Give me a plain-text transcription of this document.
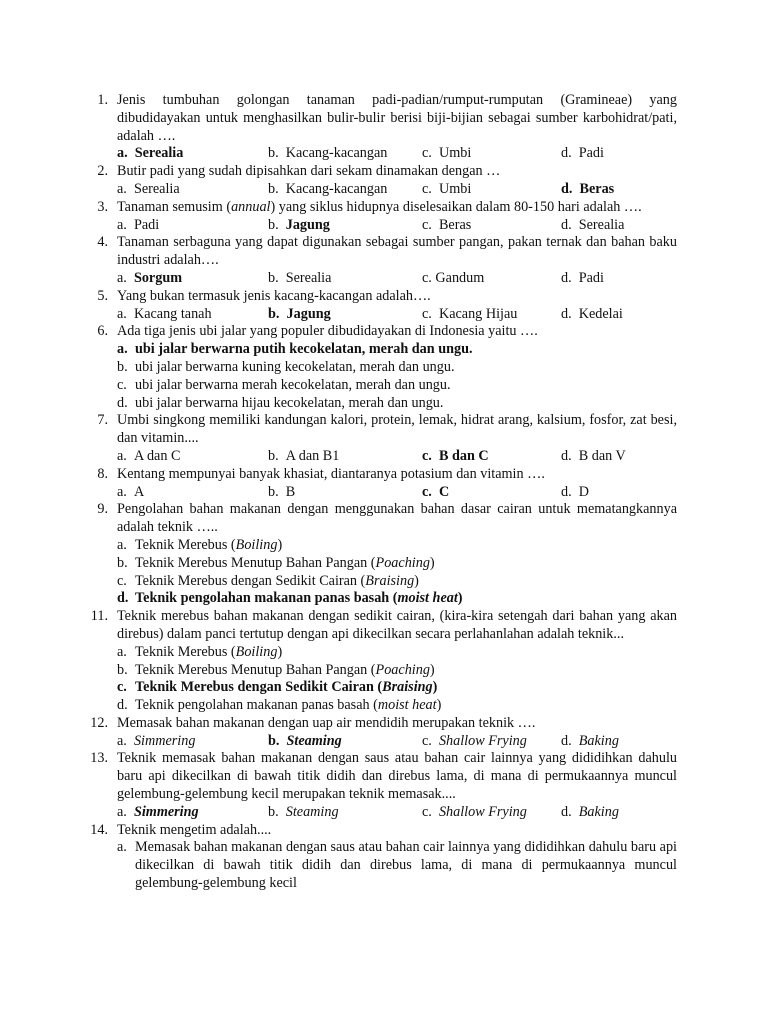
1. Jenis tumbuhan golongan tanaman padi-padian/rumput-rumputan (Gramineae) yang dibudidayakan untuk menghasilkan bulir-bulir berisi biji-bijian sebagai sumber karbohidrat/pati, adalah ….
a. Serealia	b. Kacang-kacangan c. Umbi	d. Padi
2. Butir padi yang sudah dipisahkan dari sekam dinamakan dengan …
a. Serealia	b. Kacang-kacangan c. Umbi	d. Beras
3. Tanaman semusim (annual) yang siklus hidupnya diselesaikan dalam 80-150 hari adalah ….
a. Padi	b. Jagung	c. Beras	d. Serealia
4. Tanaman serbaguna yang dapat digunakan sebagai sumber pangan, pakan ternak dan bahan baku industri adalah….
a. Sorgum	b. Serealia	c. Gandum	d. Padi
5. Yang bukan termasuk jenis kacang-kacangan adalah….
a. Kacang tanah	b. Jagung	c. Kacang Hijau	d. Kedelai
6. Ada tiga jenis ubi jalar yang populer dibudidayakan di Indonesia yaitu ….
a. ubi jalar berwarna putih kecokelatan, merah dan ungu.
b. ubi jalar berwarna kuning kecokelatan, merah dan ungu.
c. ubi jalar berwarna merah kecokelatan, merah dan ungu.
d. ubi jalar berwarna hijau kecokelatan, merah dan ungu.
7. Umbi singkong memiliki kandungan kalori, protein, lemak, hidrat arang, kalsium, fosfor, zat besi, dan vitamin....
a. A dan C	b. A dan B1	c. B dan C	d. B dan V
8. Kentang mempunyai banyak khasiat, diantaranya potasium dan vitamin ….
a. A	b. B	c. C	d. D
9. Pengolahan bahan makanan dengan menggunakan bahan dasar cairan untuk mematangkannya adalah teknik …..
a. Teknik Merebus (Boiling)
b. Teknik Merebus Menutup Bahan Pangan (Poaching)
c. Teknik Merebus dengan Sedikit Cairan (Braising)
d. Teknik pengolahan makanan panas basah (moist heat)
11. Teknik merebus bahan makanan dengan sedikit cairan, (kira-kira setengah dari bahan yang akan direbus) dalam panci tertutup dengan api dikecilkan secara perlahanlahan adalah teknik...
a. Teknik Merebus (Boiling)
b. Teknik Merebus Menutup Bahan Pangan (Poaching)
c. Teknik Merebus dengan Sedikit Cairan (Braising)
d. Teknik pengolahan makanan panas basah (moist heat)
12. Memasak bahan makanan dengan uap air mendidih merupakan teknik ….
a. Simmering	b. Steaming	c. Shallow Frying d. Baking
13. Teknik memasak bahan makanan dengan saus atau bahan cair lainnya yang dididihkan dahulu baru api dikecilkan di bawah titik didih dan direbus lama, di mana di permukaannya muncul gelembung-gelembung kecil merupakan teknik memasak....
a. Simmering	b. Steaming	c. Shallow Frying d. Baking
14. Teknik mengetim adalah....
a. Memasak bahan makanan dengan saus atau bahan cair lainnya yang dididihkan dahulu baru api dikecilkan di bawah titik didih dan direbus lama, di mana di permukaannya muncul gelembung-gelembung kecil
